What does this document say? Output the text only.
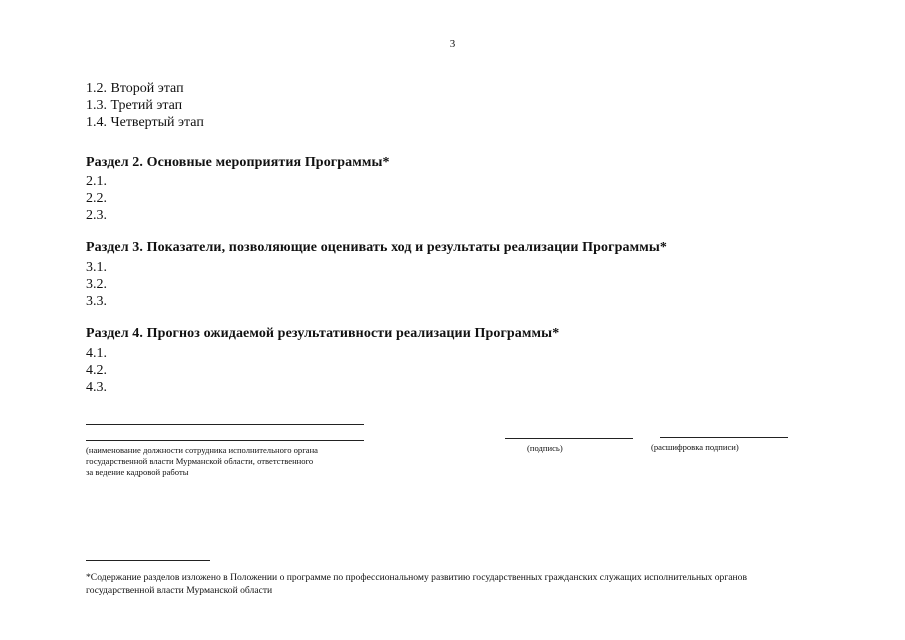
3
1.2. Второй этап
1.3. Третий этап
1.4. Четвертый этап
Раздел 2. Основные мероприятия Программы*
2.1.
2.2.
2.3.
Раздел 3. Показатели, позволяющие оценивать ход и результаты реализации Программы*
3.1.
3.2.
3.3.
Раздел 4. Прогноз ожидаемой результативности реализации Программы*
4.1.
4.2.
4.3.
(наименование должности сотрудника исполнительного органа
государственной власти Мурманской области, ответственного
за ведение кадровой работы
(подпись)	(расшифровка подписи)
*Содержание разделов изложено в Положении о программе по профессиональному развитию государственных гражданских служащих исполнительных органов
государственной власти Мурманской области
